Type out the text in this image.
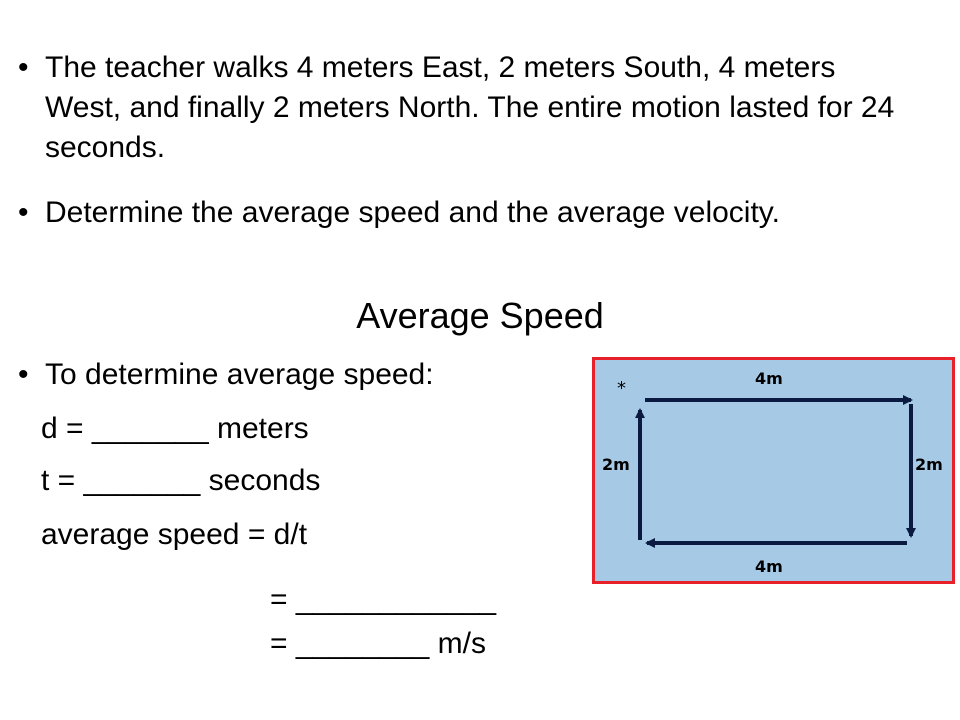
• The teacher walks 4 meters East, 2 meters South, 4 meters West, and finally 2 meters North. The entire motion lasted for 24 seconds.
• Determine the average speed and the average velocity.
Average Speed
• To determine average speed:
d = _______ meters
t = _______ seconds
average speed = d/t
= ____________
= ________ m/s
*	4m
4m
2m	2m
